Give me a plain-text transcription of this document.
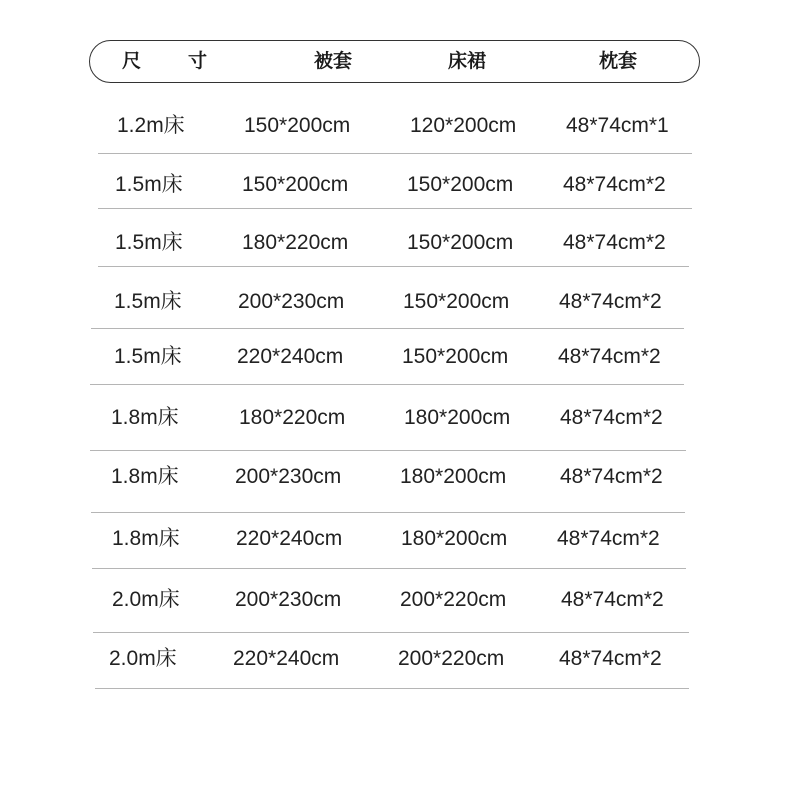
尺　寸	被套	床裙	枕套
1.2m床	150*200cm	120*200cm 48*74cm*1
1.5m床	150*200cm	150*200cm 48*74cm*2
1.5m床	180*220cm	150*200cm 48*74cm*2
1.5m床	200*230cm	150*200cm 48*74cm*2
1.5m床	220*240cm	150*200cm 48*74cm*2
1.8m床	180*220cm	180*200cm 48*74cm*2
1.8m床	200*230cm	180*200cm	48*74cm*2
1.8m床	220*240cm	180*200cm 48*74cm*2
2.0m床	200*230cm	200*220cm	48*74cm*2
2.0m床	220*240cm	200*220cm	48*74cm*2
